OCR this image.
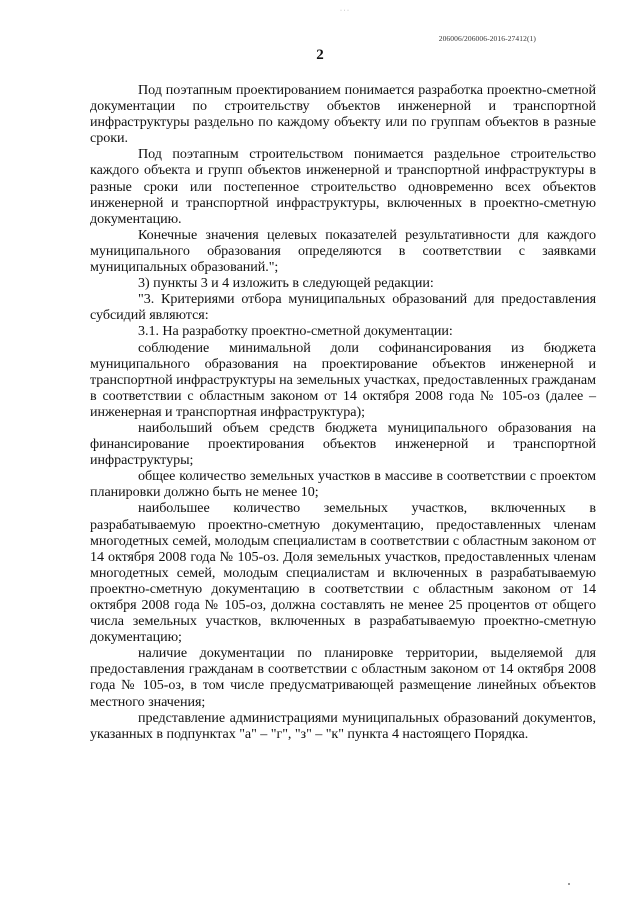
· · ·
206006/206006-2016-27412(1)
2

Под поэтапным проектированием понимается разработка проектно-сметной документации по строительству объектов инженерной и транспортной инфраструктуры раздельно по каждому объекту или по группам объектов в разные сроки.

Под поэтапным строительством понимается раздельное строительство каждого объекта и групп объектов инженерной и транспортной инфраструктуры в разные сроки или постепенное строительство одновременно всех объектов инженерной и транспортной инфраструктуры, включенных в проектно-сметную документацию.

Конечные значения целевых показателей результативности для каждого муниципального образования определяются в соответствии с заявками муниципальных образований.";

3) пункты 3 и 4 изложить в следующей редакции:

"3. Критериями отбора муниципальных образований для предоставления субсидий являются:

3.1. На разработку проектно-сметной документации:

соблюдение минимальной доли софинансирования из бюджета муниципального образования на проектирование объектов инженерной и транспортной инфраструктуры на земельных участках, предоставленных гражданам в соответствии с областным законом от 14 октября 2008 года № 105-оз (далее – инженерная и транспортная инфраструктура);

наибольший объем средств бюджета муниципального образования на финансирование проектирования объектов инженерной и транспортной инфраструктуры;

общее количество земельных участков в массиве в соответствии с проектом планировки должно быть не менее 10;

наибольшее количество земельных участков, включенных в разрабатываемую проектно-сметную документацию, предоставленных членам многодетных семей, молодым специалистам в соответствии с областным законом от 14 октября 2008 года № 105-оз. Доля земельных участков, предоставленных членам многодетных семей, молодым специалистам и включенных в разрабатываемую проектно-сметную документацию в соответствии с областным законом от 14 октября 2008 года № 105-оз, должна составлять не менее 25 процентов от общего числа земельных участков, включенных в разрабатываемую проектно-сметную документацию;

наличие документации по планировке территории, выделяемой для предоставления гражданам в соответствии с областным законом от 14 октября 2008 года № 105-оз, в том числе предусматривающей размещение линейных объектов местного значения;

представление администрациями муниципальных образований документов, указанных в подпунктах "а" – "г", "з" – "к" пункта 4 настоящего Порядка.
